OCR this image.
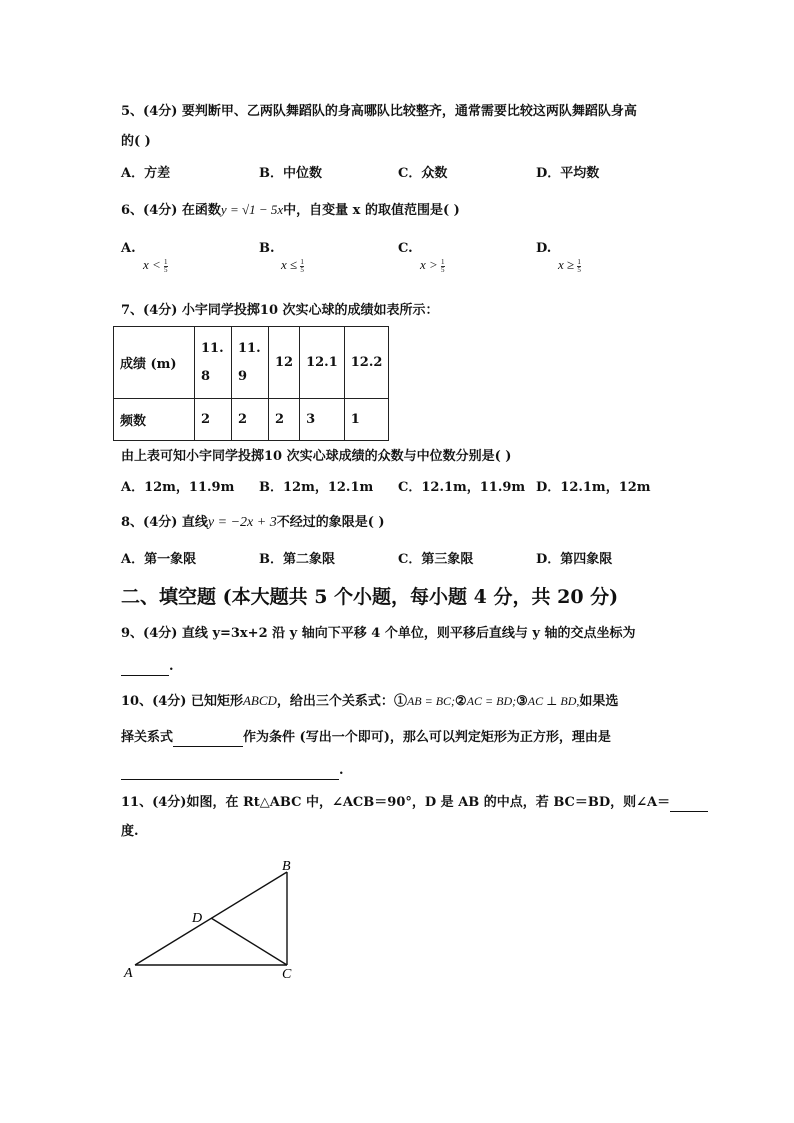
5、(4分) 要判断甲、乙两队舞蹈队的身高哪队比较整齐，通常需要比较这两队舞蹈队身高
的( )
A．方差	B．中位数	C．众数	D．平均数
6、(4分) 在函数y = √1 − 5x中，自变量 x 的取值范围是( )
A.
$x < \frac{1}{5}$
B.
$x \le \frac{1}{5}$
C.
$x > \frac{1}{5}$
D.
$x \ge \frac{1}{5}$
7、(4分) 小宇同学投掷10 次实心球的成绩如表所示：
成绩 (m)	11.8	11.9	12	12.1	12.2
频数	2	2	2	3	1
由上表可知小宇同学投掷10 次实心球成绩的众数与中位数分别是( )
A．12m，11.9m B．12m，12.1m C．12.1m，11.9m D．12.1m，12m
8、(4分) 直线y = −2x + 3不经过的象限是( )
A．第一象限	B．第二象限	C．第三象限	D．第四象限
二、填空题 (本大题共 5 个小题，每小题 4 分，共 20 分)
9、(4分) 直线 y=3x+2 沿 y 轴向下平移 4 个单位，则平移后直线与 y 轴的交点坐标为
.
10、(4分) 已知矩形ABCD，给出三个关系式：①AB = BC;②AC = BD;③AC ⊥ BD,如果选
择关系式	作为条件 (写出一个即可)，那么可以判定矩形为正方形，理由是
.
11、(4分)如图，在 Rt△ABC 中，∠ACB＝90°，D 是 AB 的中点，若 BC＝BD，则∠A＝
度.
A
B
C
D
